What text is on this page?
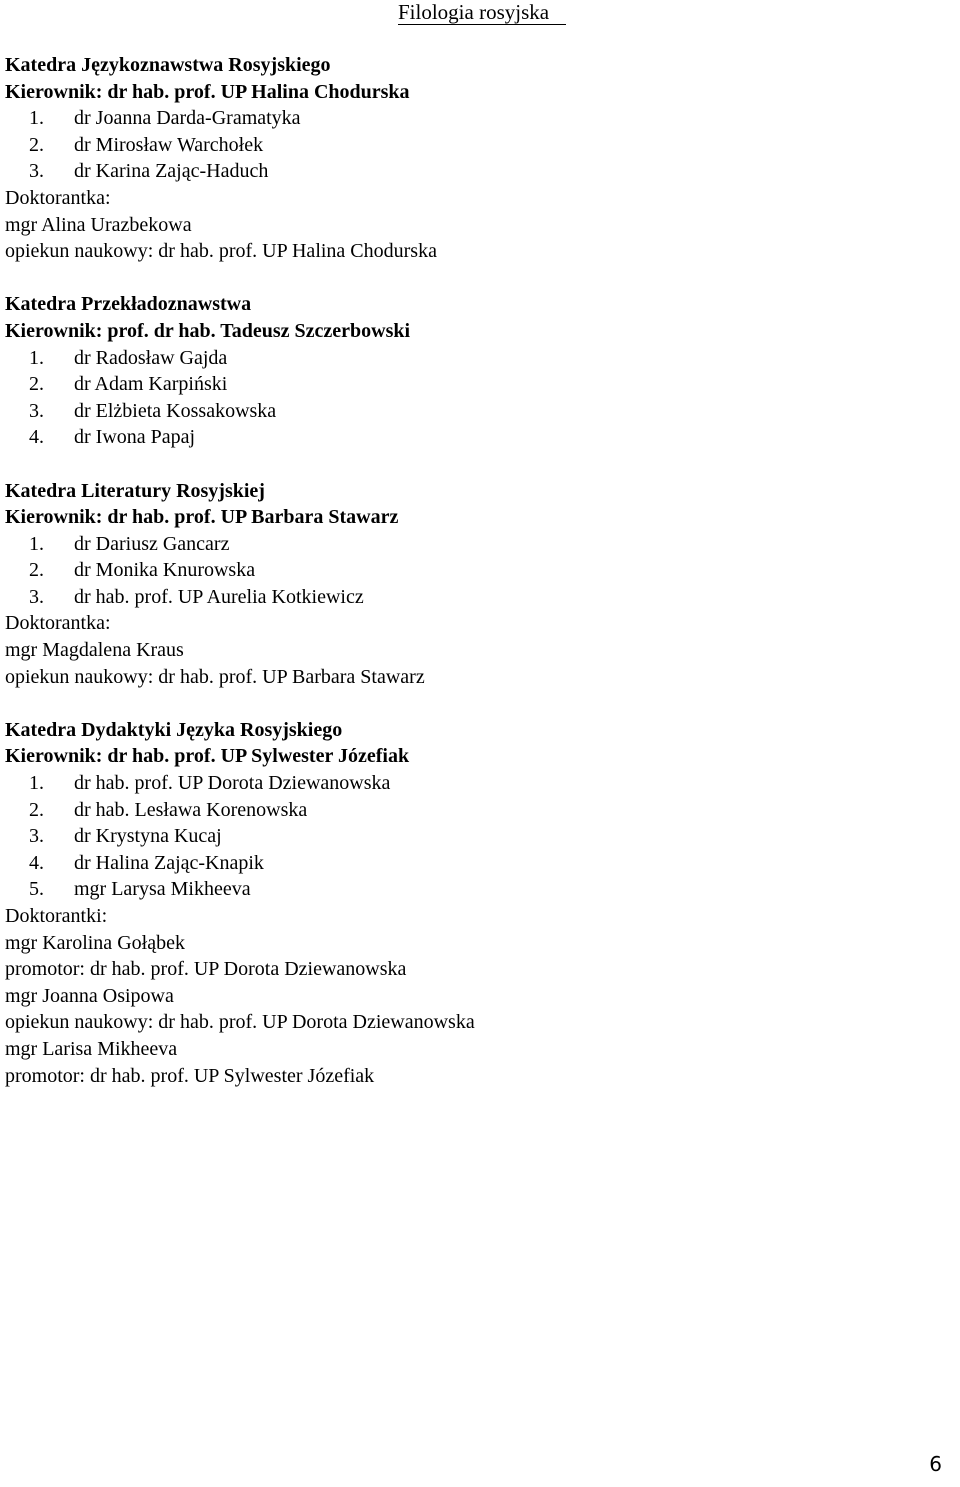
Filologia rosyjska
Katedra Językoznawstwa Rosyjskiego
Kierownik: dr hab. prof. UP Halina Chodurska
1. dr Joanna Darda-Gramatyka
2. dr Mirosław Warchołek
3. dr Karina Zając-Haduch
Doktorantka:
mgr Alina Urazbekowa
opiekun naukowy: dr hab. prof. UP Halina Chodurska
Katedra Przekładoznawstwa
Kierownik: prof. dr hab. Tadeusz Szczerbowski
1. dr Radosław Gajda
2. dr Adam Karpiński
3. dr Elżbieta Kossakowska
4. dr Iwona Papaj
Katedra Literatury Rosyjskiej
Kierownik: dr hab. prof. UP Barbara Stawarz
1. dr Dariusz Gancarz
2. dr Monika Knurowska
3. dr hab. prof. UP Aurelia Kotkiewicz
Doktorantka:
mgr Magdalena Kraus
opiekun naukowy: dr hab. prof. UP Barbara Stawarz
Katedra Dydaktyki Języka Rosyjskiego
Kierownik: dr hab. prof. UP Sylwester Józefiak
1. dr hab. prof. UP Dorota Dziewanowska
2. dr hab. Lesława Korenowska
3. dr Krystyna Kucaj
4. dr Halina Zając-Knapik
5. mgr Larysa Mikheeva
Doktorantki:
mgr Karolina Gołąbek
promotor: dr hab. prof. UP Dorota Dziewanowska
mgr Joanna Osipowa
opiekun naukowy: dr hab. prof. UP Dorota Dziewanowska
mgr Larisa Mikheeva
promotor: dr hab. prof. UP Sylwester Józefiak
6
